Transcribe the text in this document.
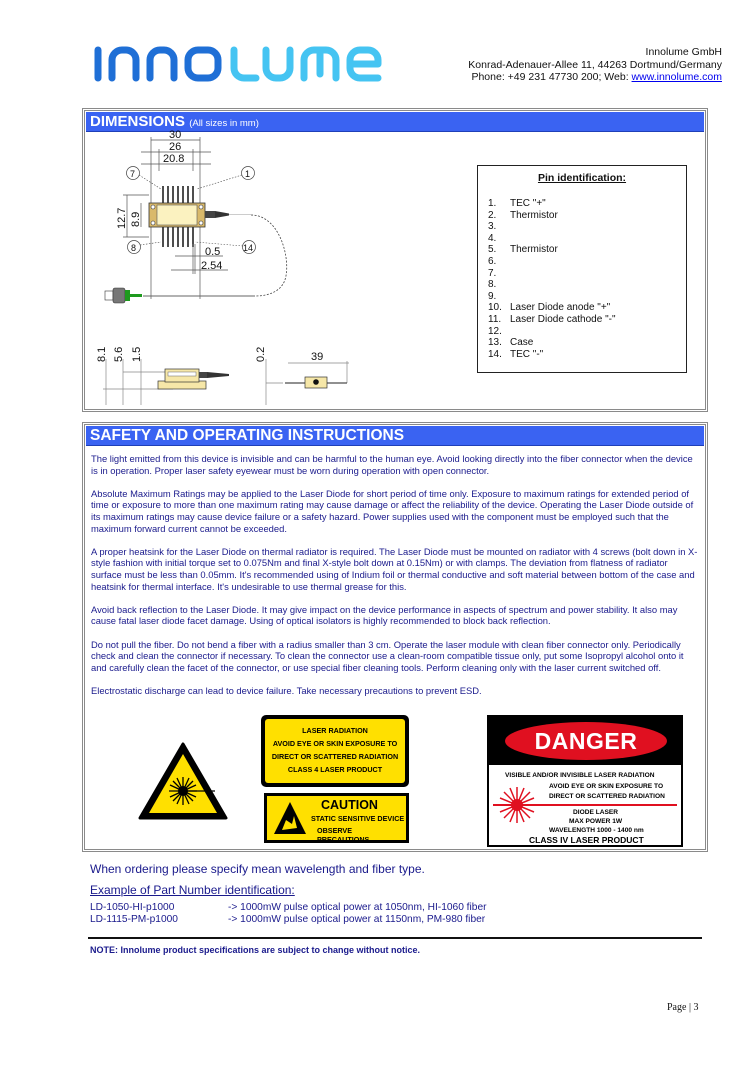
Innolume GmbH
Konrad-Adenauer-Allee 11, 44263 Dortmund/Germany
Phone: +49 231 47730 200; Web: www.innolume.com
DIMENSIONS (All sizes in mm)
30
26
20.8
12.7 8.9
7	1
8	14
0.5
2.54
8.1 5.6 1.5	0.2	39
Pin identification:
1.	TEC "+"
2.	Thermistor
3.
4.
5.	Thermistor
6.
7.
8.
9.
10. Laser Diode anode "+"
11. Laser Diode cathode "-"
12.
13. Case
14. TEC "-"
SAFETY AND OPERATING INSTRUCTIONS

The light emitted from this device is invisible and can be harmful to the human eye. Avoid looking directly into the fiber connector when the device is in operation. Proper laser safety eyewear must be worn during operation with open connector.

Absolute Maximum Ratings may be applied to the Laser Diode for short period of time only. Exposure to maximum ratings for extended period of time or exposure to more than one maximum rating may cause damage or affect the reliability of the device. Operating the Laser Diode outside of its maximum ratings may cause device failure or a safety hazard. Power supplies used with the component must be employed such that the maximum forward current cannot be exceeded.

A proper heatsink for the Laser Diode on thermal radiator is required. The Laser Diode must be mounted on radiator with 4 screws (bolt down in X-style fashion with initial torque set to 0.075Nm and final X-style bolt down at 0.15Nm) or with clamps. The deviation from flatness of radiator surface must be less than 0.05mm. It's recommended using of Indium foil or thermal conductive and soft material between bottom of the case and heatsink for thermal interface. It's undesirable to use thermal grease for this.

Avoid back reflection to the Laser Diode. It may give impact on the device performance in aspects of spectrum and power stability. It also may cause fatal laser diode facet damage. Using of optical isolators is highly recommended to block back reflection.

Do not pull the fiber. Do not bend a fiber with a radius smaller than 3 cm. Operate the laser module with clean fiber connector only. Periodically check and clean the connector if necessary. To clean the connector use a clean-room compatible tissue only, put some Isopropyl alcohol onto it and carefully clean the facet of the connector, or use special fiber cleaning tools. Perform cleaning only with the laser current switched off.

Electrostatic discharge can lead to device failure. Take necessary precautions to prevent ESD.

LASER RADIATION
AVOID EYE OR SKIN EXPOSURE TO
DIRECT OR SCATTERED RADIATION
CLASS 4 LASER PRODUCT
CAUTION
STATIC SENSITIVE DEVICE
OBSERVE PRECAUTIONS
DANGER
VISIBLE AND/OR INVISIBLE LASER RADIATION
AVOID EYE OR SKIN EXPOSURE TO
DIRECT OR SCATTERED RADIATION
DIODE LASER
MAX POWER 1W
WAVELENGTH 1000 - 1400 nm
CLASS IV LASER PRODUCT
When ordering please specify mean wavelength and fiber type.
Example of Part Number identification:
LD-1050-HI-p1000	-> 1000mW pulse optical power at 1050nm, HI-1060 fiber
LD-1115-PM-p1000	-> 1000mW pulse optical power at 1150nm, PM-980 fiber
NOTE: Innolume product specifications are subject to change without notice.
Page | 3
